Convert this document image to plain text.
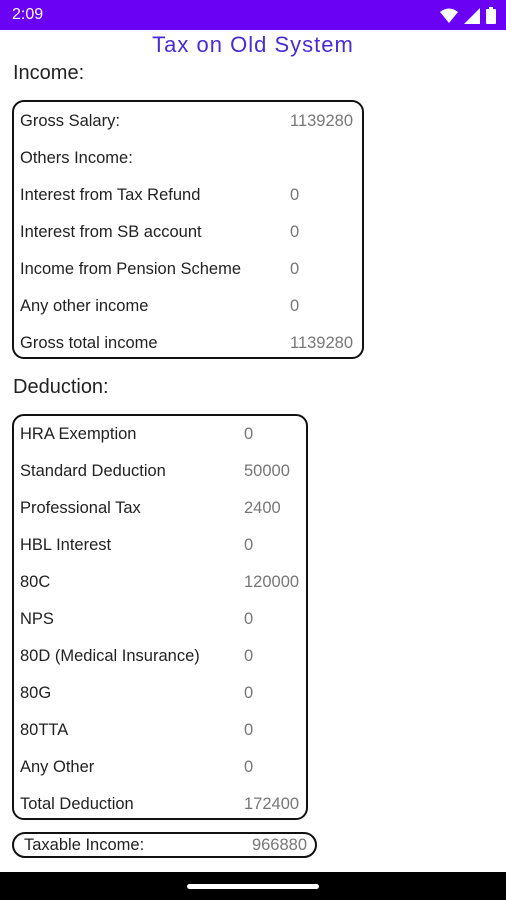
2:09
Tax on Old System
Income:
Gross Salary:	1139280
Others Income:
Interest from Tax Refund	0
Interest from SB account	0
Income from Pension Scheme	0
Any other income	0
Gross total income	1139280
Deduction:
HRA Exemption	0
Standard Deduction	50000
Professional Tax	2400
HBL Interest	0
80C	120000
NPS	0
80D (Medical Insurance)	0
80G	0
80TTA	0
Any Other	0
Total Deduction	172400
Taxable Income:	966880
